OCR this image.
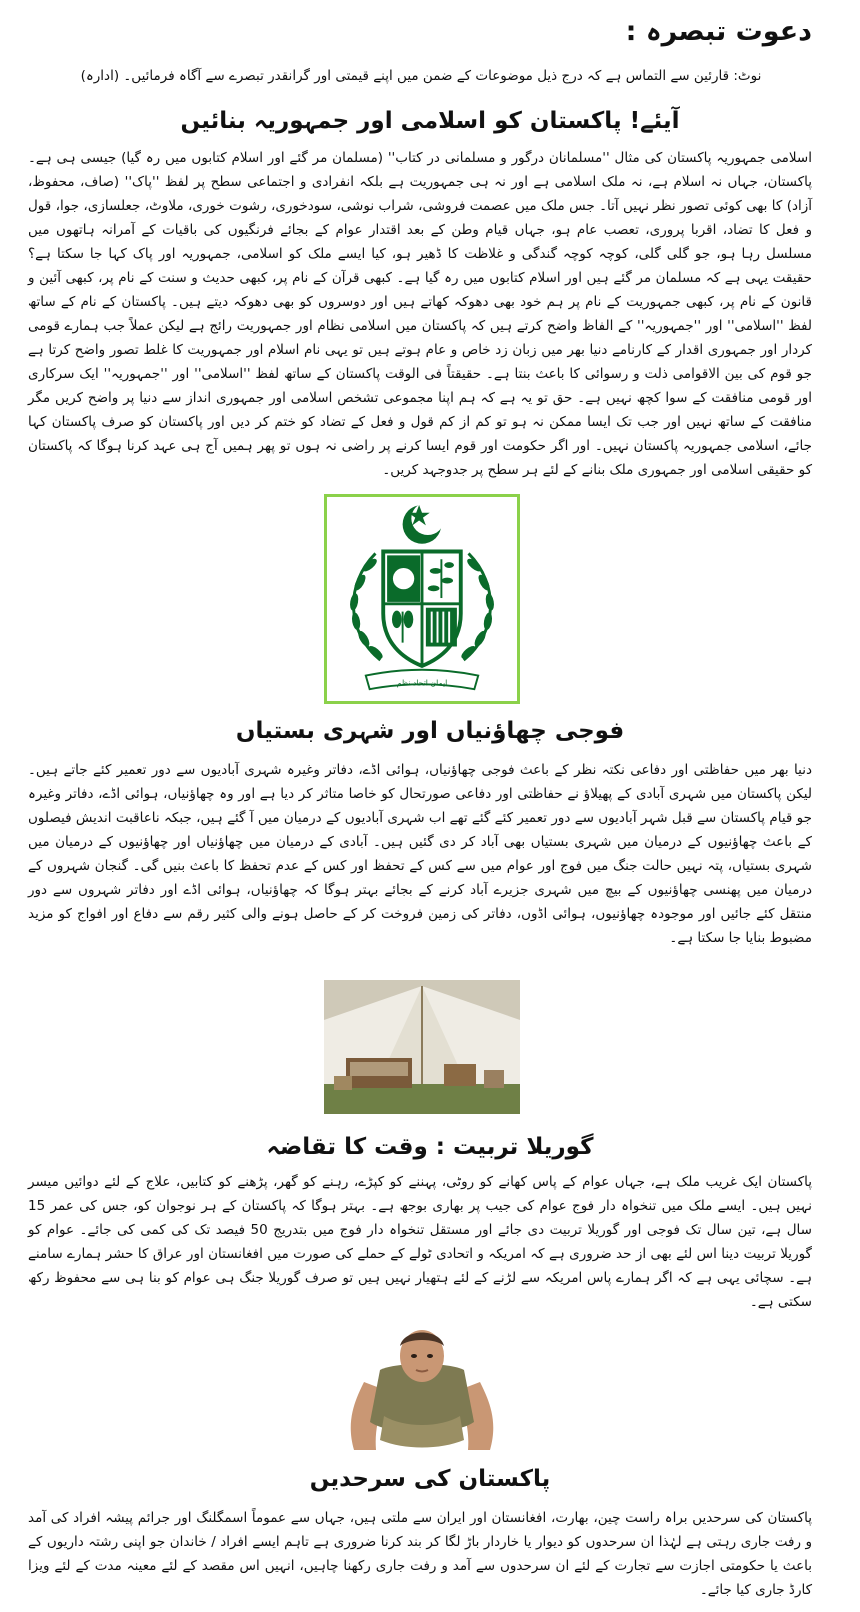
دعوت تبصرہ :

نوٹ: قارئین سے التماس ہے کہ درج ذیل موضوعات کے ضمن میں اپنے قیمتی اور گرانقدر تبصرے سے آگاہ فرمائیں۔ (ادارہ)

آیئے! پاکستان کو اسلامی اور جمہوریہ بنائیں

اسلامی جمہوریہ پاکستان کی مثال ''مسلمانان درگور و مسلمانی در کتاب'' (مسلمان مر گئے اور اسلام کتابوں میں رہ گیا) جیسی ہی ہے۔ پاکستان، جہاں نہ اسلام ہے، نہ ملک اسلامی ہے اور نہ ہی جمہوریت ہے بلکہ انفرادی و اجتماعی سطح پر لفظ ''پاک'' (صاف، محفوظ، آزاد) کا بھی کوئی تصور نظر نہیں آتا۔ جس ملک میں عصمت فروشی، شراب نوشی، سودخوری، رشوت خوری، ملاوٹ، جعلسازی، جوا، قول و فعل کا تضاد، اقربا پروری، تعصب عام ہو، جہاں قیام وطن کے بعد اقتدار عوام کے بجائے فرنگیوں کی باقیات کے آمرانہ ہاتھوں میں مسلسل رہا ہو، جو گلی گلی، کوچہ کوچہ گندگی و غلاظت کا ڈھیر ہو، کیا ایسے ملک کو اسلامی، جمہوریہ اور پاک کہا جا سکتا ہے؟ حقیقت یہی ہے کہ مسلمان مر گئے ہیں اور اسلام کتابوں میں رہ گیا ہے۔ کبھی قرآن کے نام پر، کبھی حدیث و سنت کے نام پر، کبھی آئین و قانون کے نام پر، کبھی جمہوریت کے نام پر ہم خود بھی دھوکہ کھاتے ہیں اور دوسروں کو بھی دھوکہ دیتے ہیں۔ پاکستان کے نام کے ساتھ لفظ ''اسلامی'' اور ''جمہوریہ'' کے الفاظ واضح کرتے ہیں کہ پاکستان میں اسلامی نظام اور جمہوریت رائج ہے لیکن عملاً جب ہمارے قومی کردار اور جمہوری اقدار کے کارنامے دنیا بھر میں زبان زد خاص و عام ہوتے ہیں تو یہی نام اسلام اور جمہوریت کا غلط تصور واضح کرتا ہے جو قوم کی بین الاقوامی ذلت و رسوائی کا باعث بنتا ہے۔ حقیقتاً فی الوقت پاکستان کے ساتھ لفظ ''اسلامی'' اور ''جمہوریہ'' ایک سرکاری اور قومی منافقت کے سوا کچھ نہیں ہے۔ حق تو یہ ہے کہ ہم اپنا مجموعی تشخص اسلامی اور جمہوری انداز سے دنیا پر واضح کریں مگر منافقت کے ساتھ نہیں اور جب تک ایسا ممکن نہ ہو تو کم از کم قول و فعل کے تضاد کو ختم کر دیں اور پاکستان کو صرف پاکستان کہا جائے، اسلامی جمہوریہ پاکستان نہیں۔ اور اگر حکومت اور قوم ایسا کرنے پر راضی نہ ہوں تو پھر ہمیں آج ہی عہد کرنا ہوگا کہ پاکستان کو حقیقی اسلامی اور جمہوری ملک بنانے کے لئے ہر سطح پر جدوجہد کریں۔

ایمان اتحاد نظم
فوجی چھاؤنیاں اور شہری بستیاں

دنیا بھر میں حفاظتی اور دفاعی نکتہ نظر کے باعث فوجی چھاؤنیاں، ہوائی اڈے، دفاتر وغیرہ شہری آبادیوں سے دور تعمیر کئے جاتے ہیں۔ لیکن پاکستان میں شہری آبادی کے پھیلاؤ نے حفاظتی اور دفاعی صورتحال کو خاصا متاثر کر دیا ہے اور وہ چھاؤنیاں، ہوائی اڈے، دفاتر وغیرہ جو قیام پاکستان سے قبل شہر آبادیوں سے دور تعمیر کئے گئے تھے اب شہری آبادیوں کے درمیان میں آ گئے ہیں، جبکہ ناعاقبت اندیش فیصلوں کے باعث چھاؤنیوں کے درمیان میں شہری بستیاں بھی آباد کر دی گئیں ہیں۔ آبادی کے درمیان میں چھاؤنیاں اور چھاؤنیوں کے درمیان میں شہری بستیاں، پتہ نہیں حالت جنگ میں فوج اور عوام میں سے کس کے تحفظ اور کس کے عدم تحفظ کا باعث بنیں گی۔ گنجان شہروں کے درمیان میں پھنسی چھاؤنیوں کے بیچ میں شہری جزیرے آباد کرنے کے بجائے بہتر ہوگا کہ چھاؤنیاں، ہوائی اڈے اور دفاتر شہروں سے دور منتقل کئے جائیں اور موجودہ چھاؤنیوں، ہوائی اڈوں، دفاتر کی زمین فروخت کر کے حاصل ہونے والی کثیر رقم سے دفاع اور افواج کو مزید مضبوط بنایا جا سکتا ہے۔

گوریلا تربیت : وقت کا تقاضہ

پاکستان ایک غریب ملک ہے، جہاں عوام کے پاس کھانے کو روٹی، پہننے کو کپڑے، رہنے کو گھر، پڑھنے کو کتابیں، علاج کے لئے دوائیں میسر نہیں ہیں۔ ایسے ملک میں تنخواہ دار فوج عوام کی جیب پر بھاری بوجھ ہے۔ بہتر ہوگا کہ پاکستان کے ہر نوجوان کو، جس کی عمر 15 سال ہے، تین سال تک فوجی اور گوریلا تربیت دی جائے اور مستقل تنخواہ دار فوج میں بتدریج 50 فیصد تک کی کمی کی جائے۔ عوام کو گوریلا تربیت دینا اس لئے بھی از حد ضروری ہے کہ امریکہ و اتحادی ٹولے کے حملے کی صورت میں افغانستان اور عراق کا حشر ہمارے سامنے ہے۔ سچائی یہی ہے کہ اگر ہمارے پاس امریکہ سے لڑنے کے لئے ہتھیار نہیں ہیں تو صرف گوریلا جنگ ہی عوام کو بنا ہی سے محفوظ رکھ سکتی ہے۔

پاکستان کی سرحدیں

پاکستان کی سرحدیں براہ راست چین، بھارت، افغانستان اور ایران سے ملتی ہیں، جہاں سے عموماً اسمگلنگ اور جرائم پیشہ افراد کی آمد و رفت جاری رہتی ہے لہٰذا ان سرحدوں کو دیوار یا خاردار باڑ لگا کر بند کرنا ضروری ہے تاہم ایسے افراد / خاندان جو اپنی رشتہ داریوں کے باعث یا حکومتی اجازت سے تجارت کے لئے ان سرحدوں سے آمد و رفت جاری رکھنا چاہیں، انہیں اس مقصد کے لئے معینہ مدت کے لئے ویزا کارڈ جاری کیا جائے۔
